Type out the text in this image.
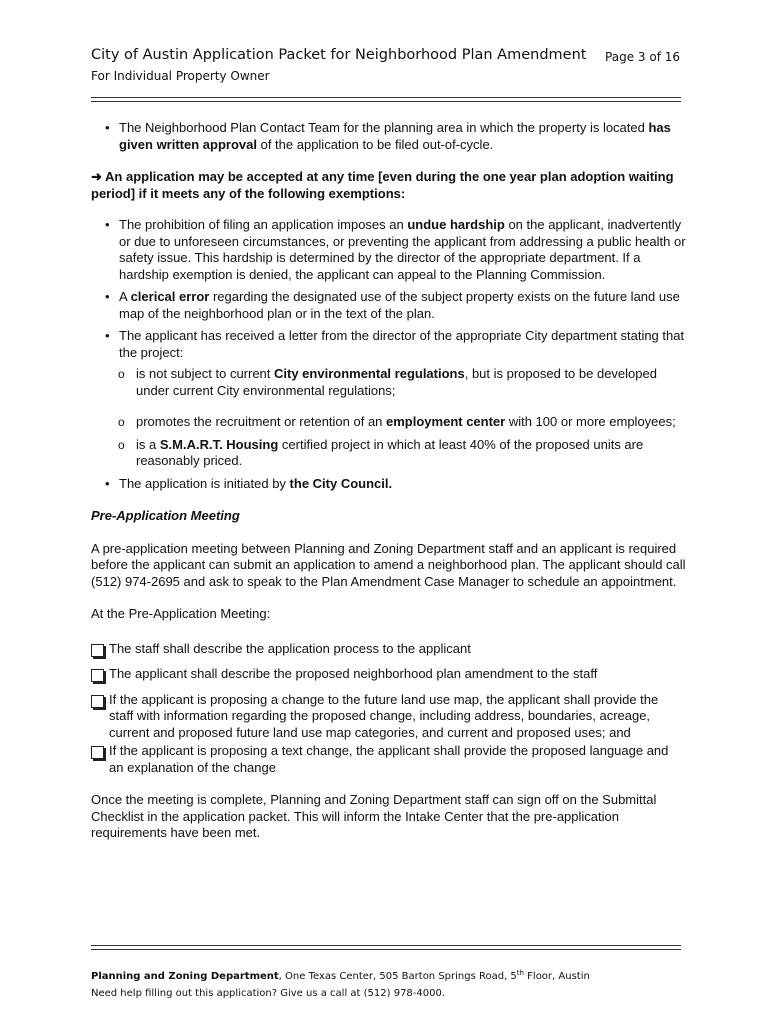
City of Austin Application Packet for Neighborhood Plan Amendment Page 3 of 16
For Individual Property Owner
• The Neighborhood Plan Contact Team for the planning area in which the property is located has given written approval of the application to be filed out-of-cycle.

➜ An application may be accepted at any time [even during the one year plan adoption waiting period] if it meets any of the following exemptions:

• The prohibition of filing an application imposes an undue hardship on the applicant, inadvertently or due to unforeseen circumstances, or preventing the applicant from addressing a public health or safety issue. This hardship is determined by the director of the appropriate department. If a hardship exemption is denied, the applicant can appeal to the Planning Commission.
• A clerical error regarding the designated use of the subject property exists on the future land use map of the neighborhood plan or in the text of the plan.
• The applicant has received a letter from the director of the appropriate City department stating that the project:
o is not subject to current City environmental regulations, but is proposed to be developed under current City environmental regulations;
o promotes the recruitment or retention of an employment center with 100 or more employees;
o is a S.M.A.R.T. Housing certified project in which at least 40% of the proposed units are reasonably priced.
• The application is initiated by the City Council.

Pre-Application Meeting

A pre-application meeting between Planning and Zoning Department staff and an applicant is required before the applicant can submit an application to amend a neighborhood plan. The applicant should call (512) 974-2695 and ask to speak to the Plan Amendment Case Manager to schedule an appointment.

At the Pre-Application Meeting:

The staff shall describe the application process to the applicant
The applicant shall describe the proposed neighborhood plan amendment to the staff
If the applicant is proposing a change to the future land use map, the applicant shall provide the staff with information regarding the proposed change, including address, boundaries, acreage, current and proposed future land use map categories, and current and proposed uses; and
If the applicant is proposing a text change, the applicant shall provide the proposed language and an explanation of the change

Once the meeting is complete, Planning and Zoning Department staff can sign off on the Submittal Checklist in the application packet. This will inform the Intake Center that the pre-application requirements have been met.

Planning and Zoning Department, One Texas Center, 505 Barton Springs Road, 5th Floor, Austin
Need help filling out this application? Give us a call at (512) 978-4000.
